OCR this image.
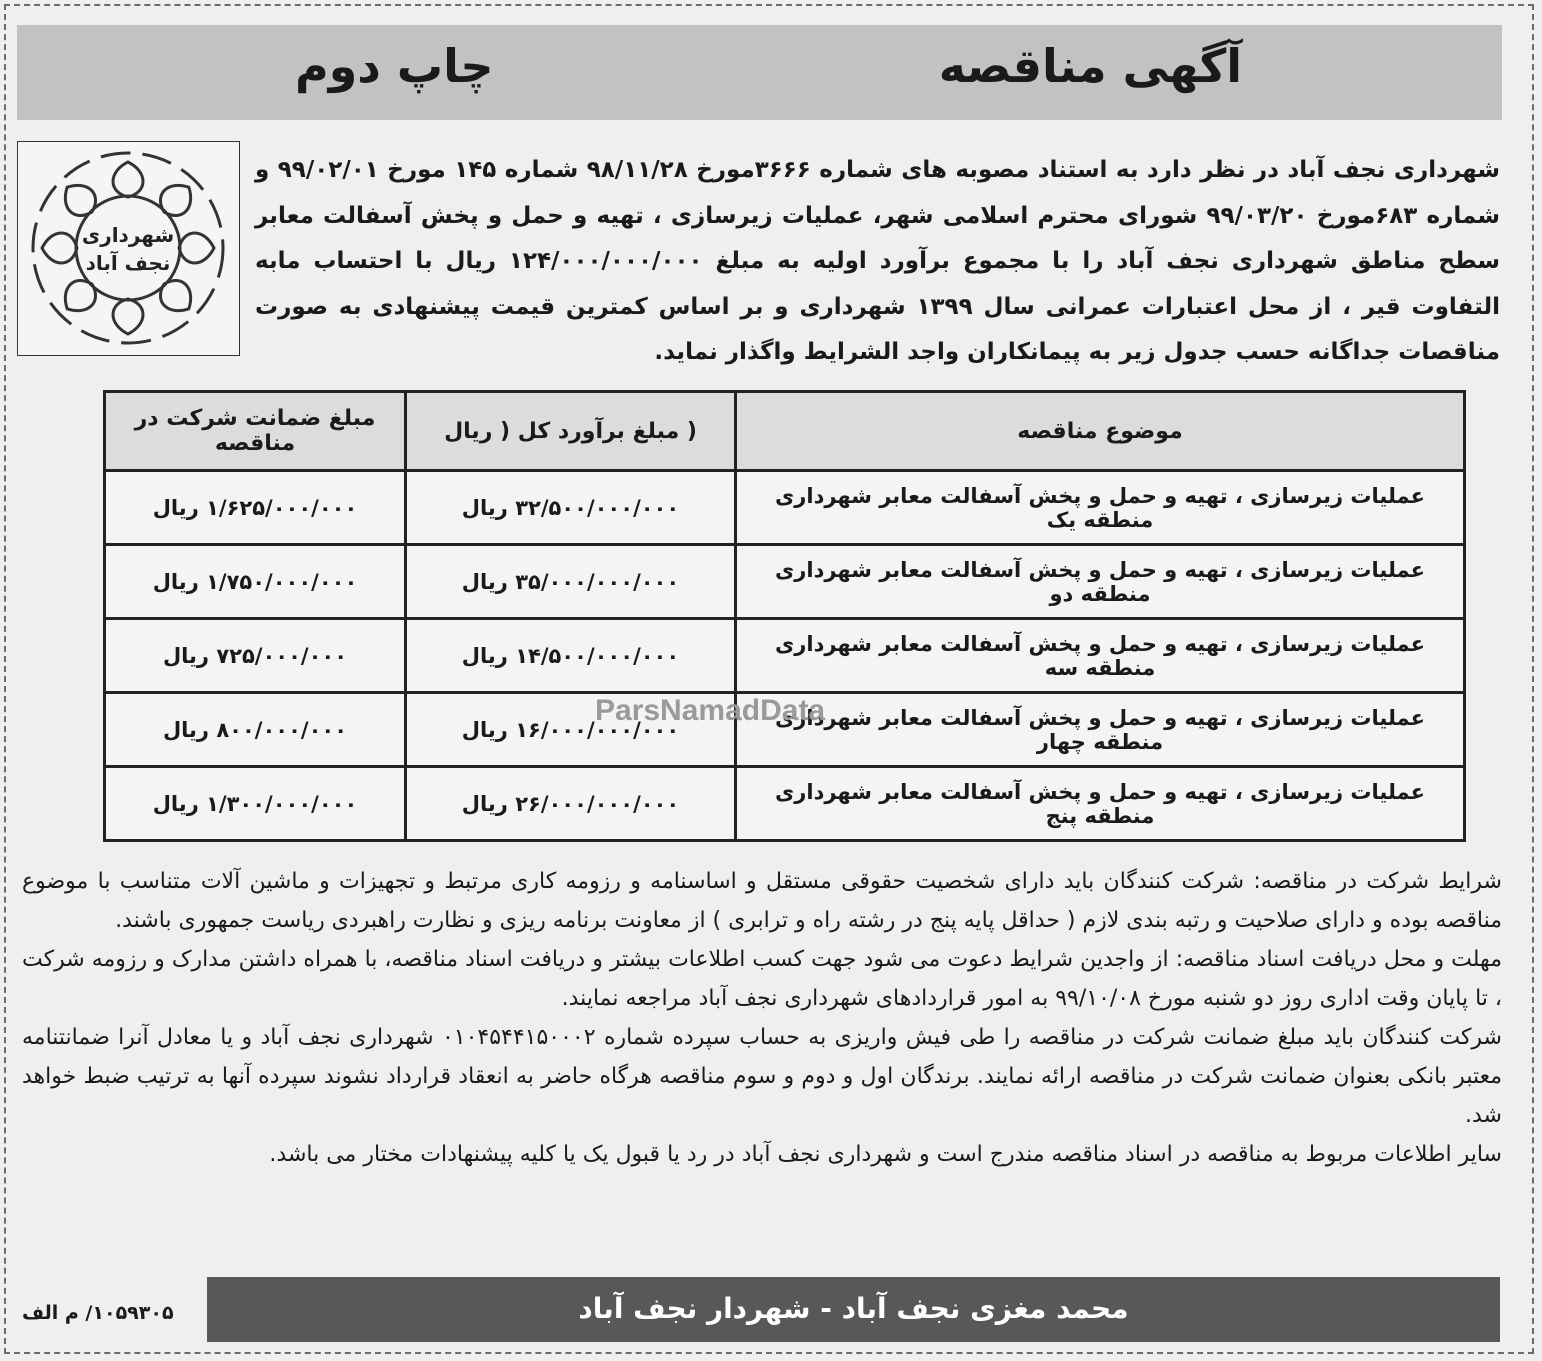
آگهی مناقصه
چاپ دوم
شهرداری
نجف آباد
شهرداری نجف آباد در نظر دارد به استناد مصوبه های شماره ۳۶۶۶مورخ ۹۸/۱۱/۲۸ شماره ۱۴۵ مورخ ۹۹/۰۲/۰۱ و شماره ۶۸۳مورخ ۹۹/۰۳/۲۰ شورای محترم اسلامی شهر، عملیات زیرسازی ، تهیه و حمل و پخش آسفالت معابر سطح مناطق شهرداری نجف آباد را با مجموع برآورد اولیه به مبلغ ۱۲۴/۰۰۰/۰۰۰/۰۰۰ ریال با احتساب مابه التفاوت قیر ، از محل اعتبارات عمرانی سال ۱۳۹۹ شهرداری و بر اساس کمترین قیمت پیشنهادی به صورت مناقصات جداگانه حسب جدول زیر به پیمانکاران واجد الشرایط واگذار نماید.
موضوع مناقصه	( مبلغ برآورد کل ( ریال	مبلغ ضمانت شرکت در مناقصه
عملیات زیرسازی ، تهیه و حمل و پخش آسفالت معابر شهرداری منطقه یک	۳۲/۵۰۰/۰۰۰/۰۰۰ ریال	۱/۶۲۵/۰۰۰/۰۰۰ ریال
عملیات زیرسازی ، تهیه و حمل و پخش آسفالت معابر شهرداری منطقه دو	۳۵/۰۰۰/۰۰۰/۰۰۰ ریال	۱/۷۵۰/۰۰۰/۰۰۰ ریال
عملیات زیرسازی ، تهیه و حمل و پخش آسفالت معابر شهرداری منطقه سه	۱۴/۵۰۰/۰۰۰/۰۰۰ ریال	۷۲۵/۰۰۰/۰۰۰ ریال
عملیات زیرسازی ، تهیه و حمل و پخش آسفالت معابر شهرداری منطقه چهار	۱۶/۰۰۰/۰۰۰/۰۰۰ ریال	۸۰۰/۰۰۰/۰۰۰ ریال
عملیات زیرسازی ، تهیه و حمل و پخش آسفالت معابر شهرداری منطقه پنج	۲۶/۰۰۰/۰۰۰/۰۰۰ ریال	۱/۳۰۰/۰۰۰/۰۰۰ ریال
ParsNamadData

شرایط شرکت در مناقصه: شرکت کنندگان باید دارای شخصیت حقوقی مستقل و اساسنامه و رزومه کاری مرتبط و تجهیزات و ماشین آلات متناسب با موضوع مناقصه بوده و دارای صلاحیت و رتبه بندی لازم ( حداقل پایه پنج در رشته راه و ترابری ) از معاونت برنامه ریزی و نظارت راهبردی ریاست جمهوری باشند.

مهلت و محل دریافت اسناد مناقصه: از واجدین شرایط دعوت می شود جهت کسب اطلاعات بیشتر و دریافت اسناد مناقصه، با همراه داشتن مدارک و رزومه شرکت ، تا پایان وقت اداری روز دو شنبه مورخ ۹۹/۱۰/۰۸ به امور قراردادهای شهرداری نجف آباد مراجعه نمایند.

شرکت کنندگان باید مبلغ ضمانت شرکت در مناقصه را طی فیش واریزی به حساب سپرده شماره ۰۱۰۴۵۴۴۱۵۰۰۰۲ شهرداری نجف آباد و یا معادل آنرا ضمانتنامه معتبر بانکی بعنوان ضمانت شرکت در مناقصه ارائه نمایند. برندگان اول و دوم و سوم مناقصه هرگاه حاضر به انعقاد قرارداد نشوند سپرده آنها به ترتیب ضبط خواهد شد.

سایر اطلاعات مربوط به مناقصه در اسناد مناقصه مندرج است و شهرداری نجف آباد در رد یا قبول یک یا کلیه پیشنهادات مختار می باشد.

۱۰۵۹۳۰۵/ م الف	محمد مغزی نجف آباد - شهردار نجف آباد
